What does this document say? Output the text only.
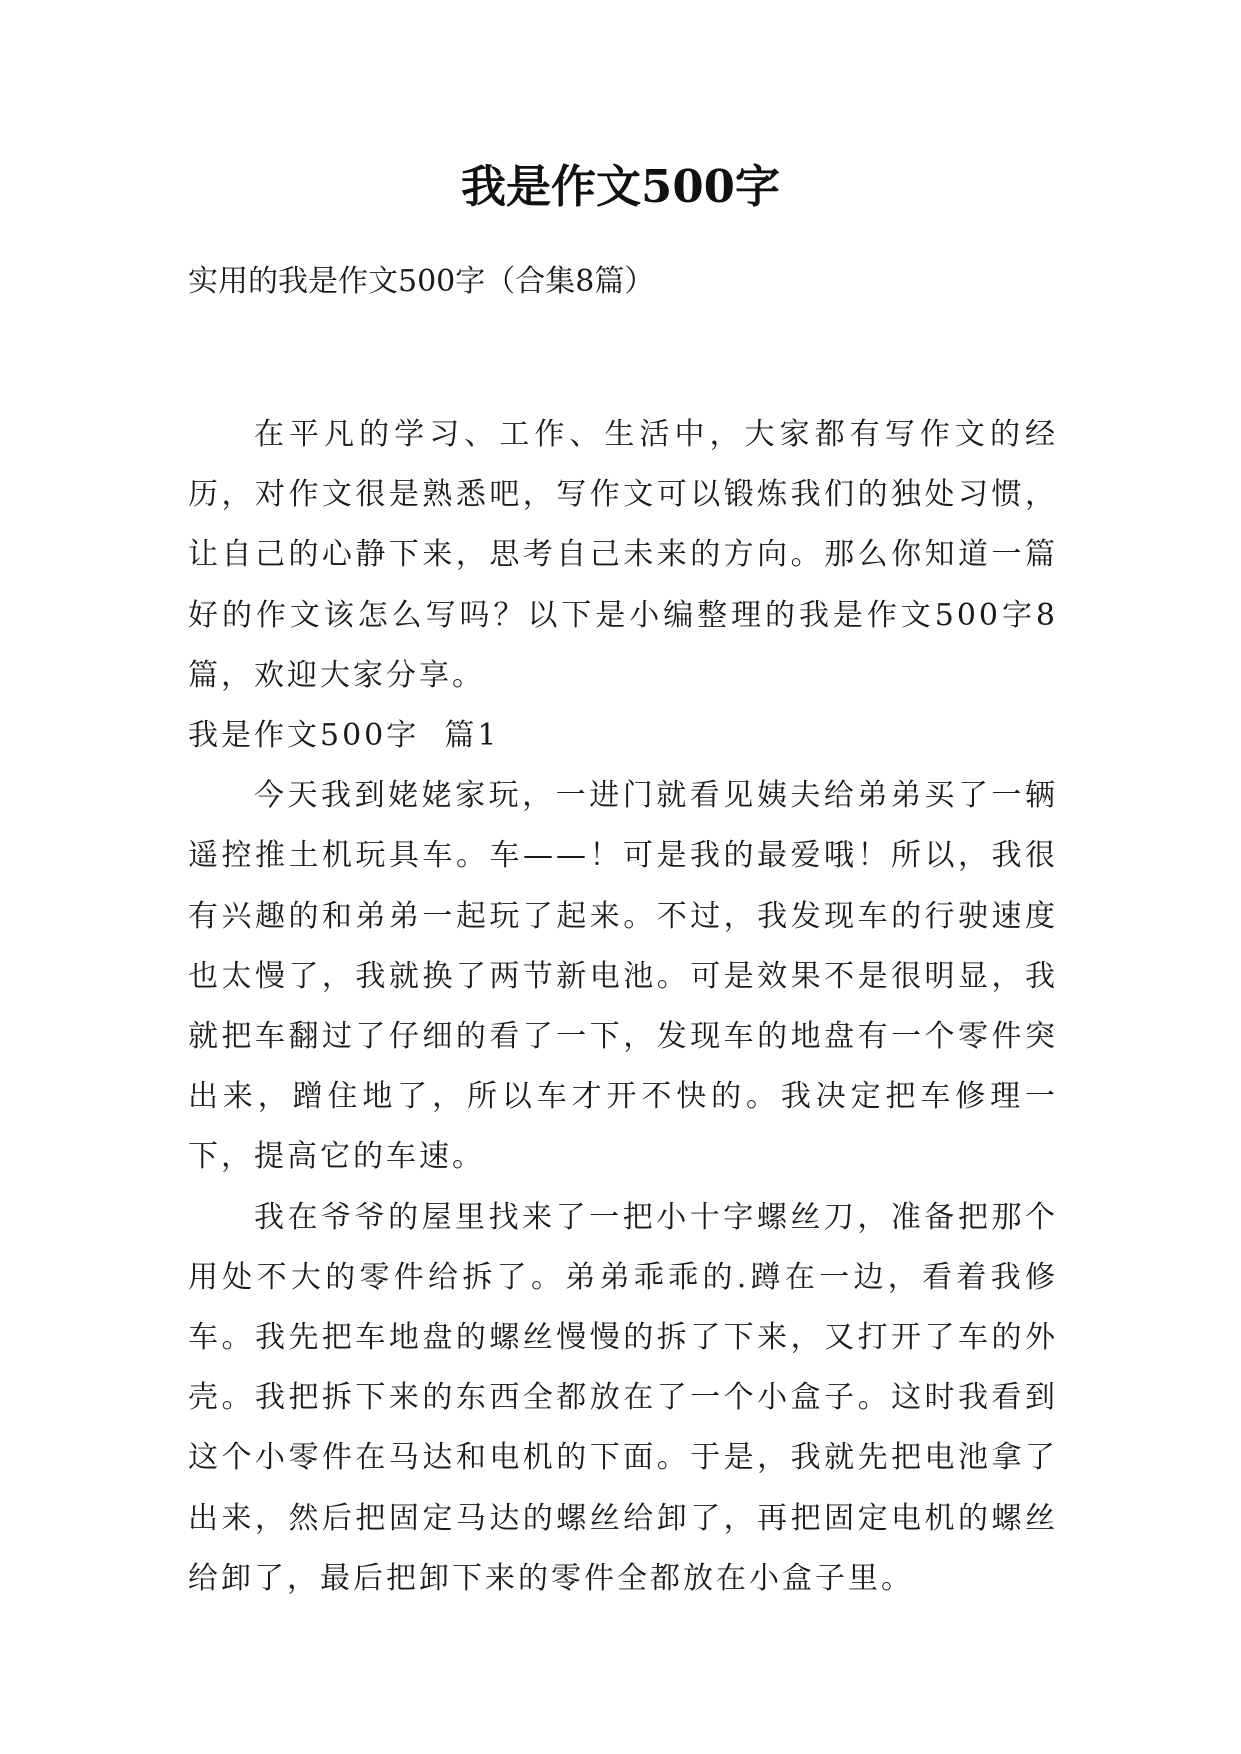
我是作文500字

实用的我是作文500字（合集8篇）

在平凡的学习、工作、生活中，大家都有写作文的经历，对作文很是熟悉吧，写作文可以锻炼我们的独处习惯，让自己的心静下来，思考自己未来的方向。那么你知道一篇好的作文该怎么写吗？以下是小编整理的我是作文500字8篇，欢迎大家分享。

我是作文500字  篇1

今天我到姥姥家玩，一进门就看见姨夫给弟弟买了一辆遥控推土机玩具车。车——！可是我的最爱哦！所以，我很有兴趣的和弟弟一起玩了起来。不过，我发现车的行驶速度也太慢了，我就换了两节新电池。可是效果不是很明显，我就把车翻过了仔细的看了一下，发现车的地盘有一个零件突出来，蹭住地了，所以车才开不快的。我决定把车修理一下，提高它的车速。

我在爷爷的屋里找来了一把小十字螺丝刀，准备把那个用处不大的零件给拆了。弟弟乖乖的.蹲在一边，看着我修车。我先把车地盘的螺丝慢慢的拆了下来，又打开了车的外壳。我把拆下来的东西全都放在了一个小盒子。这时我看到这个小零件在马达和电机的下面。于是，我就先把电池拿了出来，然后把固定马达的螺丝给卸了，再把固定电机的螺丝给卸了，最后把卸下来的零件全都放在小盒子里。
